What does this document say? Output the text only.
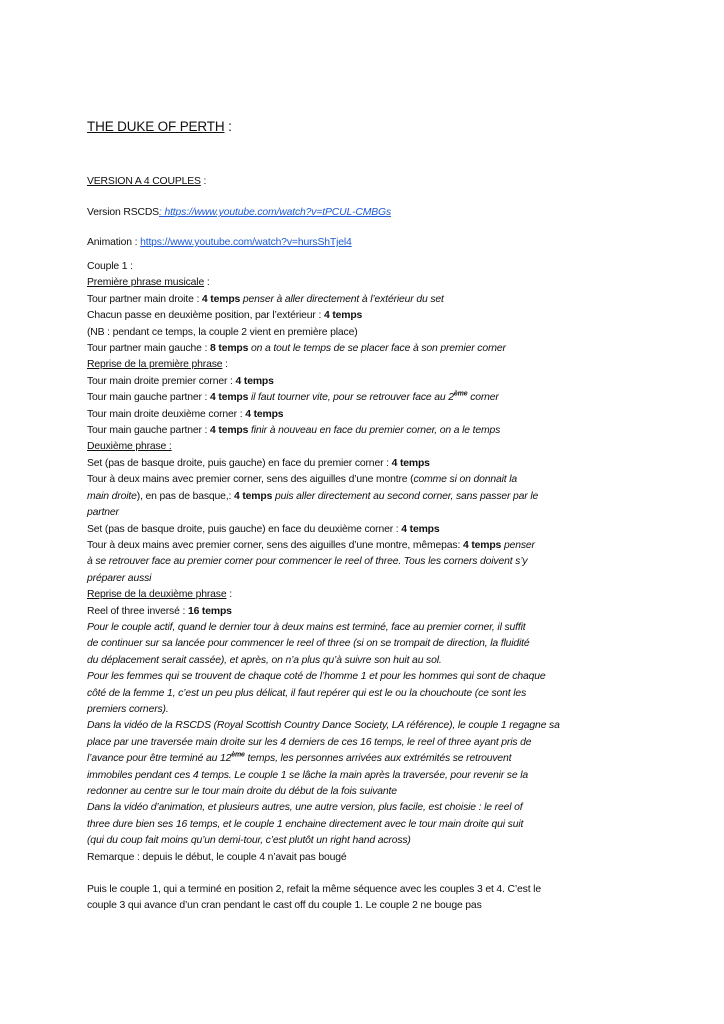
THE DUKE OF PERTH :
VERSION A 4 COUPLES :
Version RSCDS: https://www.youtube.com/watch?v=tPCUL-CMBGs
Animation : https://www.youtube.com/watch?v=hursShTjel4
Couple 1 :
Première phrase musicale :
Tour partner main droite : 4 temps penser à aller directement à l’extérieur du set
Chacun passe en deuxième position, par l’extérieur : 4 temps
(NB : pendant ce temps, la couple 2 vient en première place)
Tour partner main gauche : 8 temps on a tout le temps de se placer face à son premier corner
Reprise de la première phrase :
Tour main droite premier corner : 4 temps
Tour main gauche partner : 4 temps il faut tourner vite, pour se retrouver face au 2ème corner
Tour main droite deuxième corner : 4 temps
Tour main gauche partner : 4 temps finir à nouveau en face du premier corner, on a le temps
Deuxième phrase :
Set (pas de basque droite, puis gauche) en face du premier corner : 4 temps
Tour à deux mains avec premier corner, sens des aiguilles d’une montre (comme si on donnait la
main droite), en pas de basque,: 4 temps puis aller directement au second corner, sans passer par le
partner
Set (pas de basque droite, puis gauche) en face du deuxième corner : 4 temps
Tour à deux mains avec premier corner, sens des aiguilles d’une montre, mêmepas: 4 temps penser
à se retrouver face au premier corner pour commencer le reel of three. Tous les corners doivent s’y
préparer aussi
Reprise de la deuxième phrase :
Reel of three inversé : 16 temps
Pour le couple actif, quand le dernier tour à deux mains est terminé, face au premier corner, il suffit
de continuer sur sa lancée pour commencer le reel of three (si on se trompait de direction, la fluidité
du déplacement serait cassée), et après, on n’a plus qu’à suivre son huit au sol.
Pour les femmes qui se trouvent de chaque coté de l’homme 1 et pour les hommes qui sont de chaque
côté de la femme 1, c’est un peu plus délicat, il faut repérer qui est le ou la chouchoute (ce sont les
premiers corners).
Dans la vidéo de la RSCDS (Royal Scottish Country Dance Society, LA référence), le couple 1 regagne sa
place par une traversée main droite sur les 4 derniers de ces 16 temps, le reel of three ayant pris de
l’avance pour être terminé au 12ème temps, les personnes arrivées aux extrémités se retrouvent
immobiles pendant ces 4 temps. Le couple 1 se lâche la main après la traversée, pour revenir se la
redonner au centre sur le tour main droite du début de la fois suivante
Dans la vidéo d’animation, et plusieurs autres, une autre version, plus facile, est choisie : le reel of
three dure bien ses 16 temps, et le couple 1 enchaine directement avec le tour main droite qui suit
(qui du coup fait moins qu’un demi-tour, c’est plutôt un right hand across)
Remarque : depuis le début, le couple 4 n’avait pas bougé
Puis le couple 1, qui a terminé en position 2, refait la même séquence avec les couples 3 et 4. C’est le
couple 3 qui avance d’un cran pendant le cast off du couple 1. Le couple 2 ne bouge pas
